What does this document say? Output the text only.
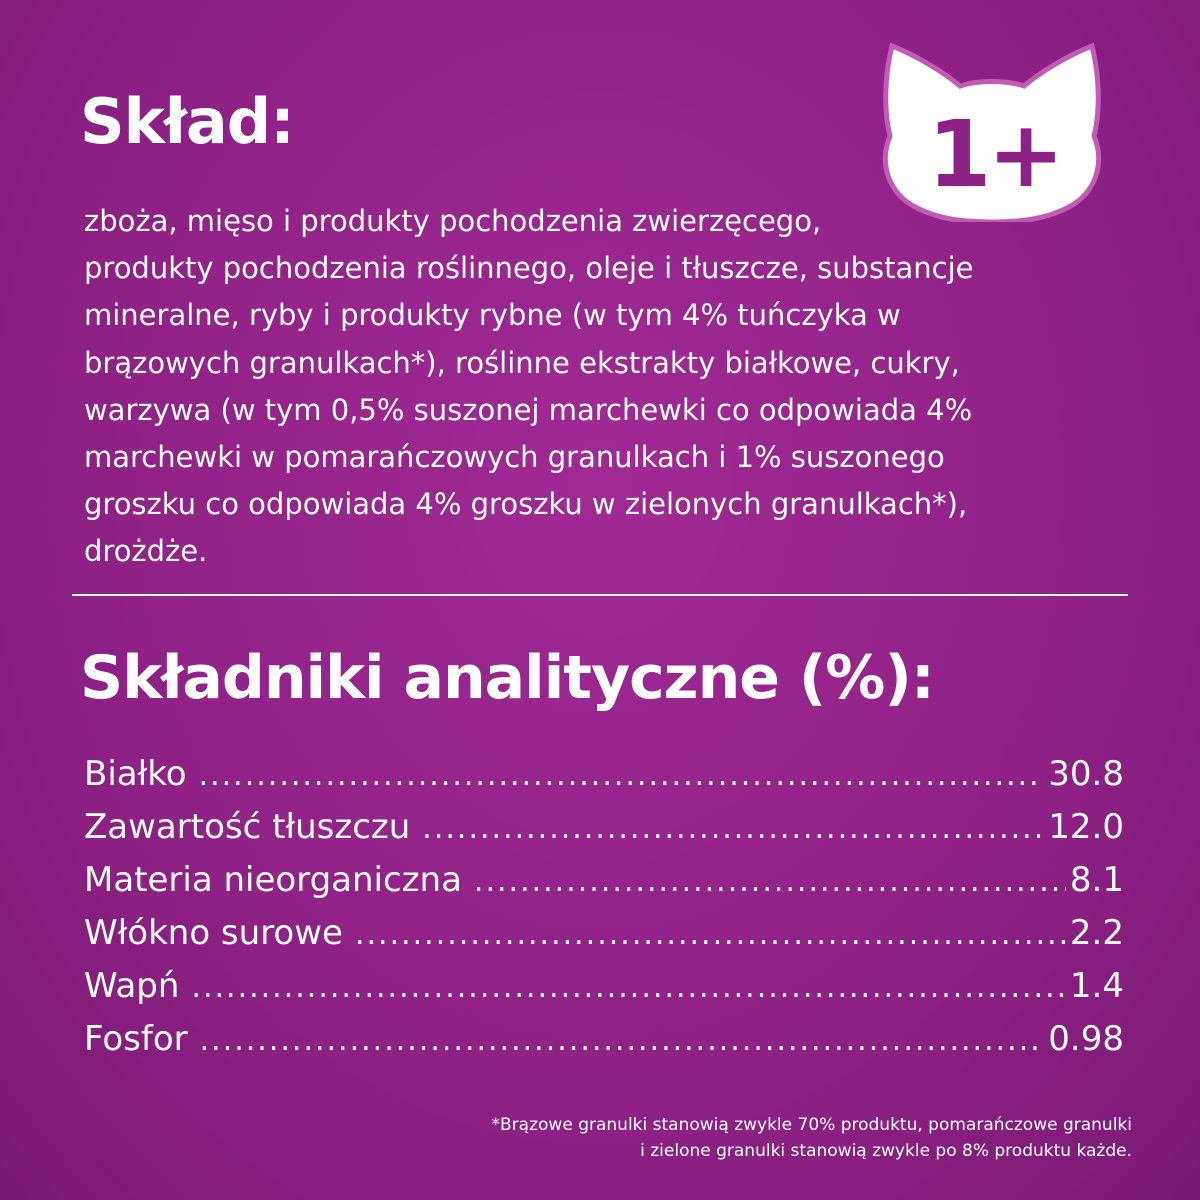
Skład:	1+
zboża, mięso i produkty pochodzenia zwierzęcego,
produkty pochodzenia roślinnego, oleje i tłuszcze, substancje
mineralne, ryby i produkty rybne (w tym 4% tuńczyka w
brązowych granulkach*), roślinne ekstrakty białkowe, cukry,
warzywa (w tym 0,5% suszonej marchewki co odpowiada 4%
marchewki w pomarańczowych granulkach i 1% suszonego
groszku co odpowiada 4% groszku w zielonych granulkach*),
drożdże.
Składniki analityczne (%):
Białko .....	30.8
Zawartość tłuszczu .....	12.0
Materia nieorganiczna .....	8.1
Włókno surowe .....	2.2
Wapń .....	1.4
Fosfor .....	0.98
*Brązowe granulki stanowią zwykle 70% produktu, pomarańczowe granulki
i zielone granulki stanowią zwykle po 8% produktu każde.
